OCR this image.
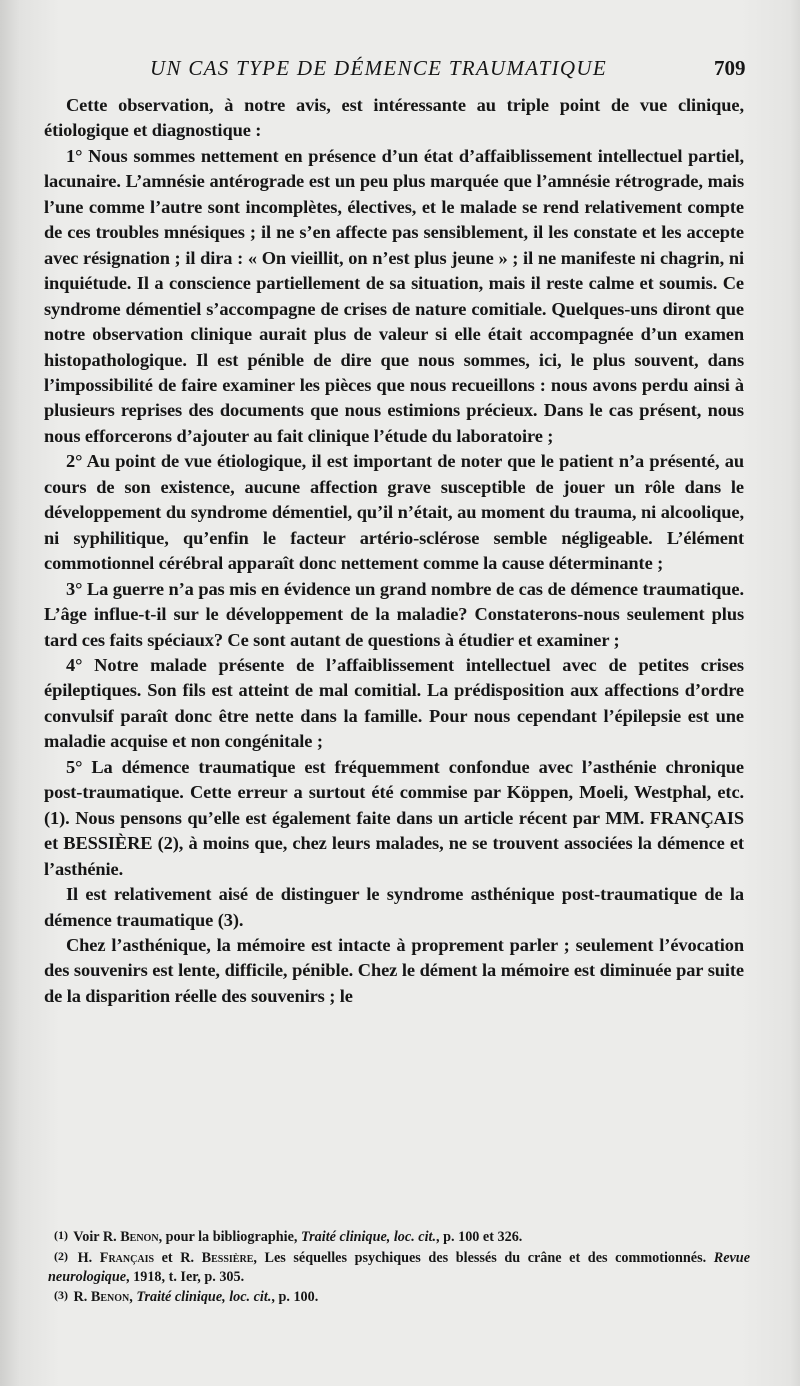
UN CAS TYPE DE DÉMENCE TRAUMATIQUE	709

Cette observation, à notre avis, est intéressante au triple point de vue clinique, étiologique et diagnostique :

1° Nous sommes nettement en présence d’un état d’affaiblissement intellectuel partiel, lacunaire. L’amnésie antérograde est un peu plus marquée que l’amnésie rétrograde, mais l’une comme l’autre sont incomplètes, électives, et le malade se rend relativement compte de ces troubles mnésiques ; il ne s’en affecte pas sensiblement, il les constate et les accepte avec résignation ; il dira : « On vieillit, on n’est plus jeune » ; il ne manifeste ni chagrin, ni inquiétude. Il a conscience partiellement de sa situation, mais il reste calme et soumis. Ce syndrome démentiel s’accompagne de crises de nature comitiale. Quelques-uns diront que notre observation clinique aurait plus de valeur si elle était accompagnée d’un examen histopathologique. Il est pénible de dire que nous sommes, ici, le plus souvent, dans l’impossibilité de faire examiner les pièces que nous recueillons : nous avons perdu ainsi à plusieurs reprises des documents que nous estimions précieux. Dans le cas présent, nous nous efforcerons d’ajouter au fait clinique l’étude du laboratoire ;

2° Au point de vue étiologique, il est important de noter que le patient n’a présenté, au cours de son existence, aucune affection grave susceptible de jouer un rôle dans le développement du syndrome démentiel, qu’il n’était, au moment du trauma, ni alcoolique, ni syphilitique, qu’enfin le facteur artério-sclérose semble négligeable. L’élément commotionnel cérébral apparaît donc nettement comme la cause déterminante ;

3° La guerre n’a pas mis en évidence un grand nombre de cas de démence traumatique. L’âge influe-t-il sur le développement de la maladie? Constaterons-nous seulement plus tard ces faits spéciaux? Ce sont autant de questions à étudier et examiner ;

4° Notre malade présente de l’affaiblissement intellectuel avec de petites crises épileptiques. Son fils est atteint de mal comitial. La prédisposition aux affections d’ordre convulsif paraît donc être nette dans la famille. Pour nous cependant l’épilepsie est une maladie acquise et non congénitale ;

5° La démence traumatique est fréquemment confondue avec l’asthénie chronique post-traumatique. Cette erreur a surtout été commise par Köppen, Moeli, Westphal, etc. (1). Nous pensons qu’elle est également faite dans un article récent par MM. FRANÇAIS et BESSIÈRE (2), à moins que, chez leurs malades, ne se trouvent associées la démence et l’asthénie.

Il est relativement aisé de distinguer le syndrome asthénique post-traumatique de la démence traumatique (3).

Chez l’asthénique, la mémoire est intacte à proprement parler ; seulement l’évocation des souvenirs est lente, difficile, pénible. Chez le dément la mémoire est diminuée par suite de la disparition réelle des souvenirs ; le

(1) Voir R. Benon, pour la bibliographie, Traité clinique, loc. cit., p. 100 et 326.

(2) H. Français et R. Bessière, Les séquelles psychiques des blessés du crâne et des commotionnés. Revue neurologique, 1918, t. Ier, p. 305.

(3) R. Benon, Traité clinique, loc. cit., p. 100.
